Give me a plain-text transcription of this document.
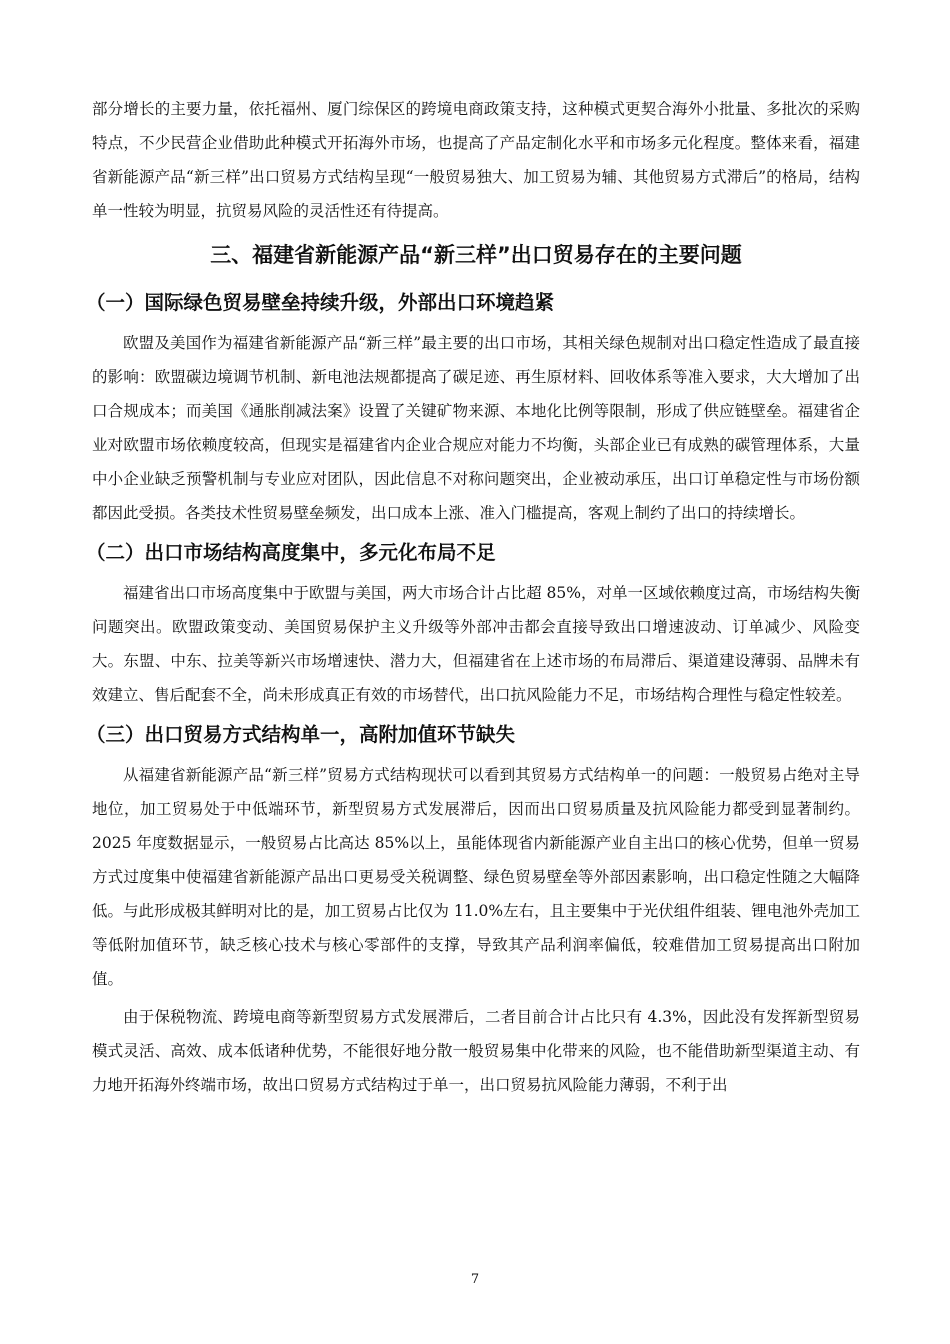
部分增长的主要力量，依托福州、厦门综保区的跨境电商政策支持，这种模式更契合海外小批量、多批次的采购特点，不少民营企业借助此种模式开拓海外市场，也提高了产品定制化水平和市场多元化程度。整体来看，福建省新能源产品“新三样”出口贸易方式结构呈现“一般贸易独大、加工贸易为辅、其他贸易方式滞后”的格局，结构单一性较为明显，抗贸易风险的灵活性还有待提高。

三、福建省新能源产品“新三样”出口贸易存在的主要问题
（一）国际绿色贸易壁垒持续升级，外部出口环境趋紧

欧盟及美国作为福建省新能源产品“新三样”最主要的出口市场，其相关绿色规制对出口稳定性造成了最直接的影响：欧盟碳边境调节机制、新电池法规都提高了碳足迹、再生原材料、回收体系等准入要求，大大增加了出口合规成本；而美国《通胀削减法案》设置了关键矿物来源、本地化比例等限制，形成了供应链壁垒。福建省企业对欧盟市场依赖度较高，但现实是福建省内企业合规应对能力不均衡，头部企业已有成熟的碳管理体系，大量中小企业缺乏预警机制与专业应对团队，因此信息不对称问题突出，企业被动承压，出口订单稳定性与市场份额都因此受损。各类技术性贸易壁垒频发，出口成本上涨、准入门槛提高，客观上制约了出口的持续增长。

（二）出口市场结构高度集中，多元化布局不足

福建省出口市场高度集中于欧盟与美国，两大市场合计占比超 85%，对单一区域依赖度过高，市场结构失衡问题突出。欧盟政策变动、美国贸易保护主义升级等外部冲击都会直接导致出口增速波动、订单减少、风险变大。东盟、中东、拉美等新兴市场增速快、潜力大，但福建省在上述市场的布局滞后、渠道建设薄弱、品牌未有效建立、售后配套不全，尚未形成真正有效的市场替代，出口抗风险能力不足，市场结构合理性与稳定性较差。

（三）出口贸易方式结构单一，高附加值环节缺失

从福建省新能源产品“新三样”贸易方式结构现状可以看到其贸易方式结构单一的问题：一般贸易占绝对主导地位，加工贸易处于中低端环节，新型贸易方式发展滞后，因而出口贸易质量及抗风险能力都受到显著制约。2025 年度数据显示，一般贸易占比高达 85%以上，虽能体现省内新能源产业自主出口的核心优势，但单一贸易方式过度集中使福建省新能源产品出口更易受关税调整、绿色贸易壁垒等外部因素影响，出口稳定性随之大幅降低。与此形成极其鲜明对比的是，加工贸易占比仅为 11.0%左右，且主要集中于光伏组件组装、锂电池外壳加工等低附加值环节，缺乏核心技术与核心零部件的支撑，导致其产品利润率偏低，较难借加工贸易提高出口附加值。

由于保税物流、跨境电商等新型贸易方式发展滞后，二者目前合计占比只有 4.3%，因此没有发挥新型贸易模式灵活、高效、成本低诸种优势，不能很好地分散一般贸易集中化带来的风险，也不能借助新型渠道主动、有力地开拓海外终端市场，故出口贸易方式结构过于单一，出口贸易抗风险能力薄弱，不利于出

7
